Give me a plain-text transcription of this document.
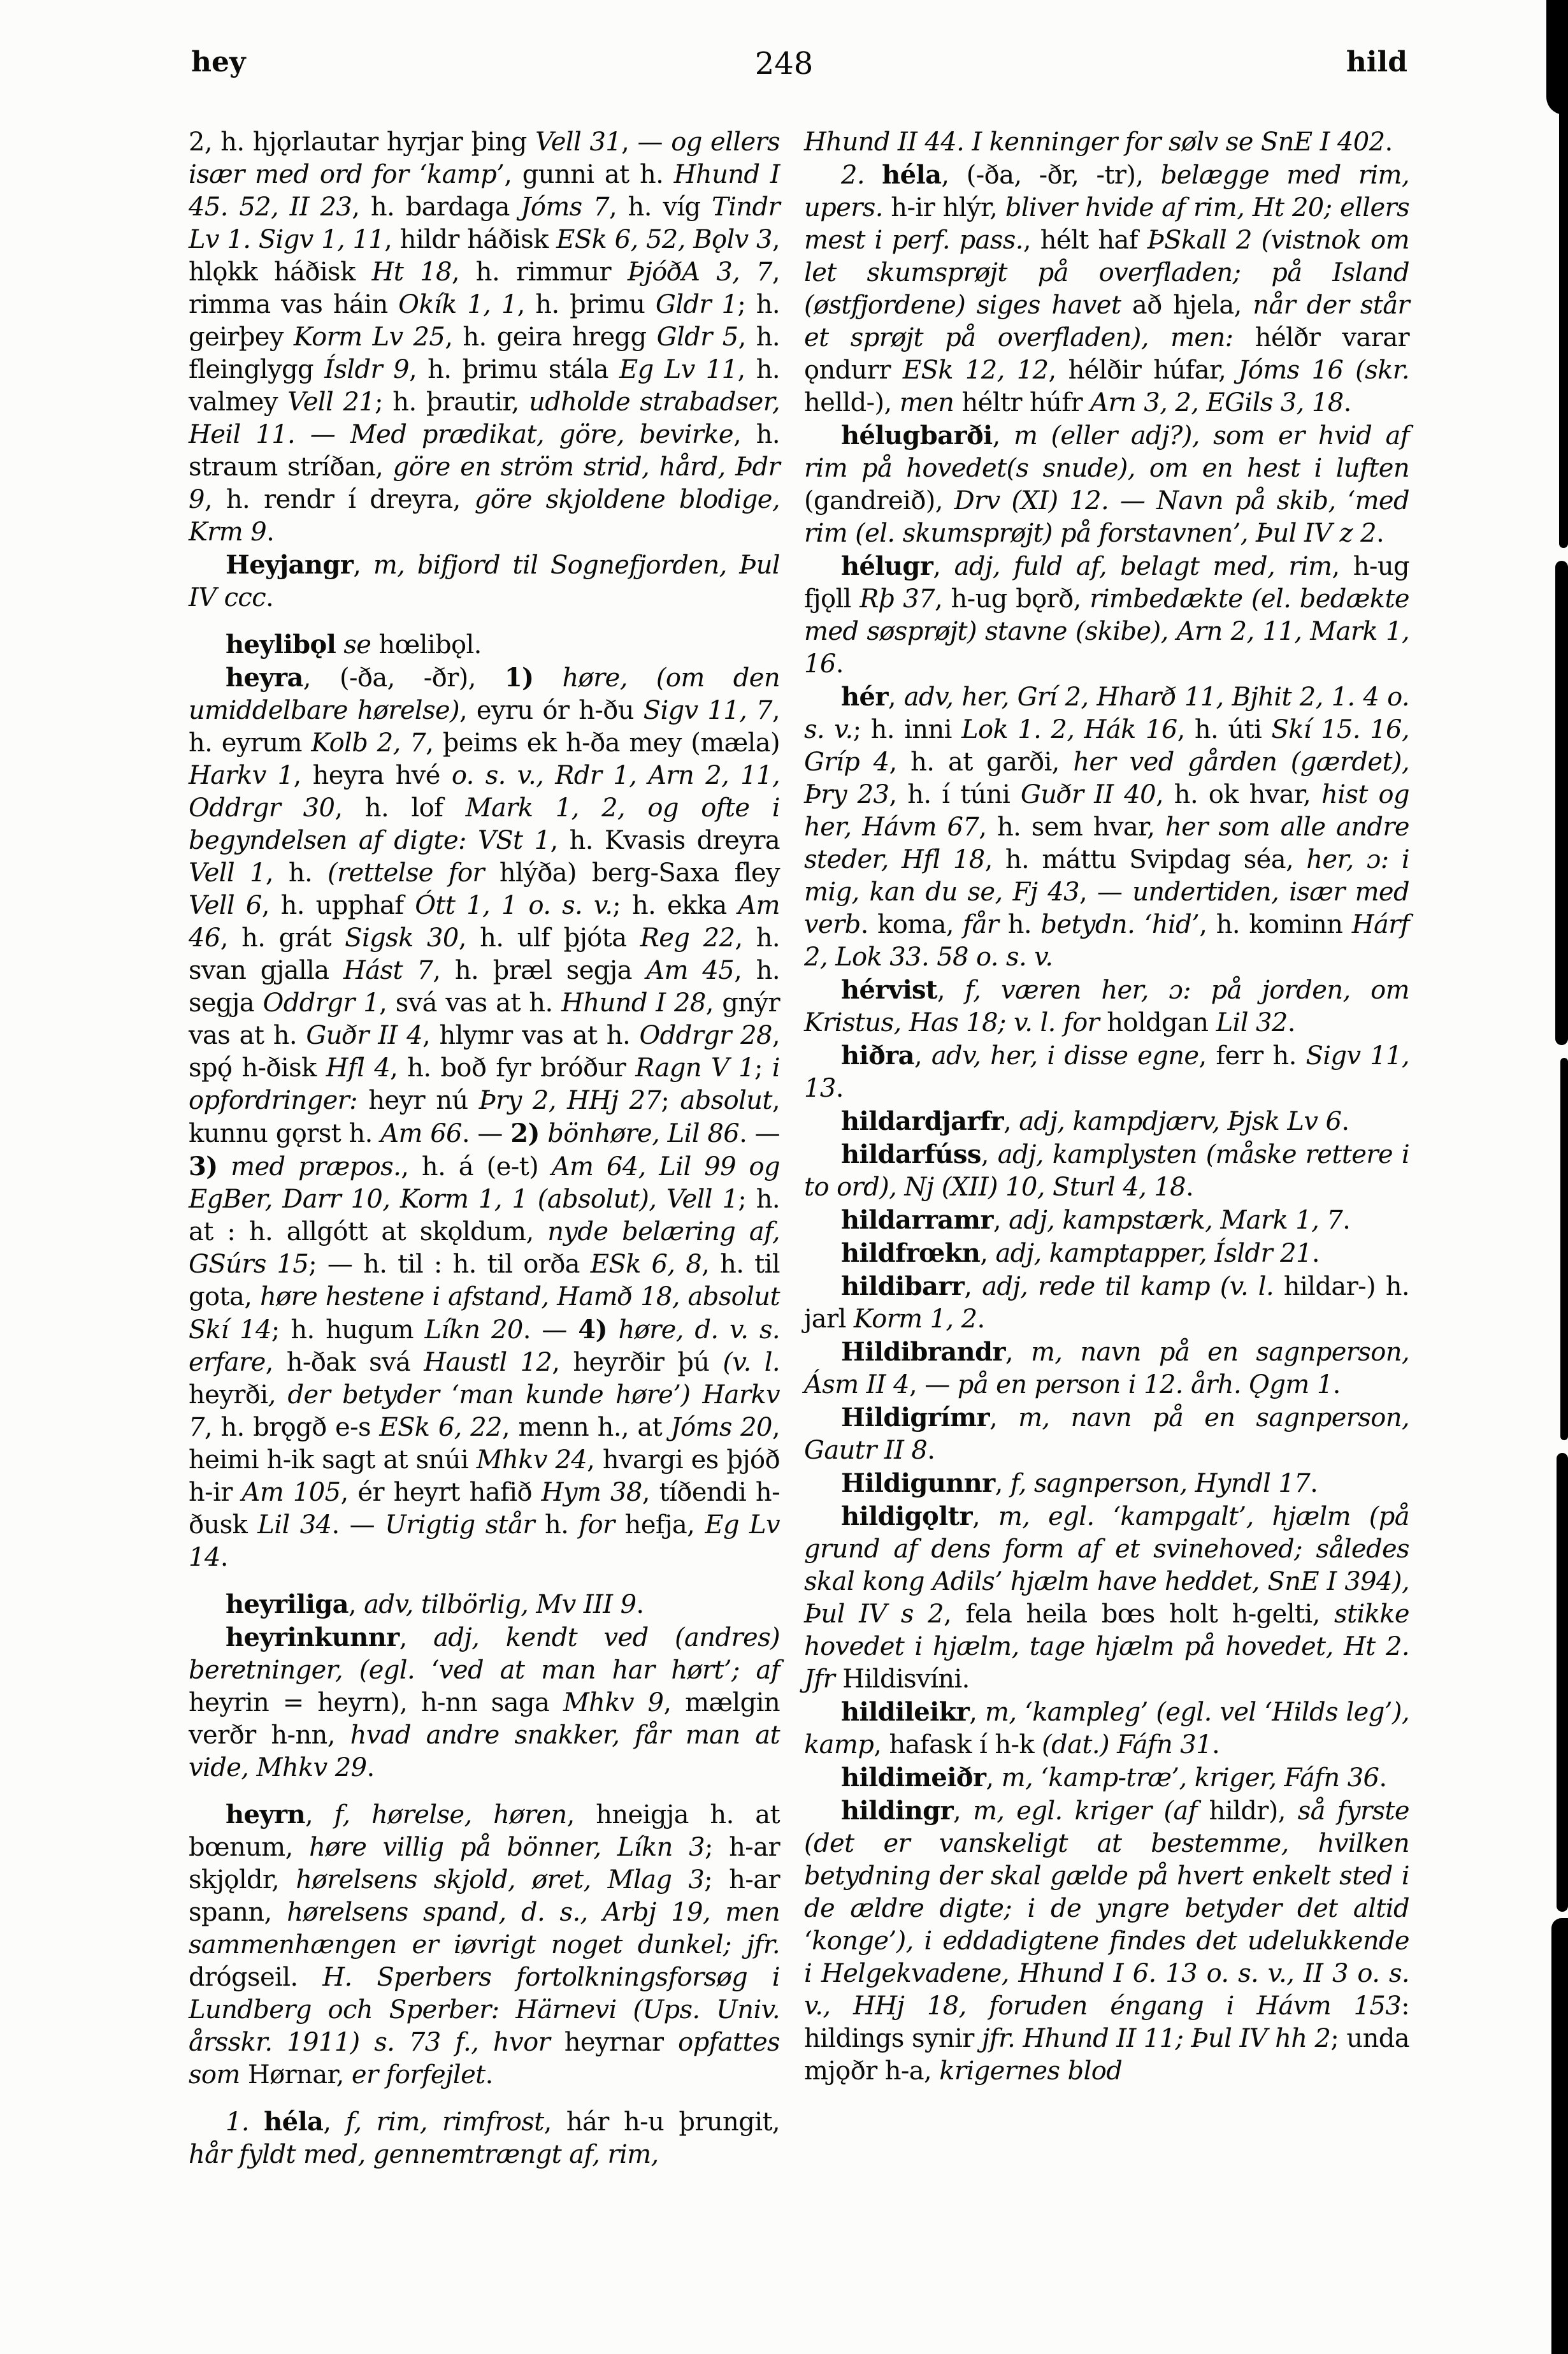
hey	248	hild

2, h. hjǫrlautar hyrjar þing Vell 31, — og ellers især med ord for ‘kamp’, gunni at h. Hhund I 45. 52, II 23, h. bardaga Jóms 7, h. víg Tindr Lv 1. Sigv 1, 11, hildr háðisk ESk 6, 52, Bǫlv 3, hlǫkk háðisk Ht 18, h. rimmur ÞjóðA 3, 7, rimma vas háin Okík 1, 1, h. þrimu Gldr 1; h. geirþey Korm Lv 25, h. geira hregg Gldr 5, h. fleinglygg Ísldr 9, h. þrimu stála Eg Lv 11, h. valmey Vell 21; h. þrautir, udholde strabadser, Heil 11. — Med prædikat, göre, bevirke, h. straum stríðan, göre en ström strid, hård, Þdr 9, h. rendr í dreyra, göre skjoldene blodige, Krm 9.

Heyjangr, m, bifjord til Sognefjorden, Þul IV ccc.

heylibǫl se hœlibǫl.

heyra, (-ða, -ðr), 1) høre, (om den umiddelbare hørelse), eyru ór h-ðu Sigv 11, 7, h. eyrum Kolb 2, 7, þeims ek h-ða mey (mæla) Harkv 1, heyra hvé o. s. v., Rdr 1, Arn 2, 11, Oddrgr 30, h. lof Mark 1, 2, og ofte i begyndelsen af digte: VSt 1, h. Kvasis dreyra Vell 1, h. (rettelse for hlýða) berg-Saxa fley Vell 6, h. upphaf Ótt 1, 1 o. s. v.; h. ekka Am 46, h. grát Sigsk 30, h. ulf þjóta Reg 22, h. svan gjalla Hást 7, h. þræl segja Am 45, h. segja Oddrgr 1, svá vas at h. Hhund I 28, gnýr vas at h. Guðr II 4, hlymr vas at h. Oddrgr 28, spǫ́ h-ðisk Hfl 4, h. boð fyr bróður Ragn V 1; i opfordringer: heyr nú Þry 2, HHj 27; absolut, kunnu gǫrst h. Am 66. — 2) bönhøre, Lil 86. — 3) med præpos., h. á (e-t) Am 64, Lil 99 og EgBer, Darr 10, Korm 1, 1 (absolut), Vell 1; h. at : h. allgótt at skǫldum, nyde belæring af, GSúrs 15; — h. til : h. til orða ESk 6, 8, h. til gota, høre hestene i afstand, Hamð 18, absolut Skí 14; h. hugum Líkn 20. — 4) høre, d. v. s. erfare, h-ðak svá Haustl 12, heyrðir þú (v. l. heyrði, der betyder ‘man kunde høre’) Harkv 7, h. brǫgð e-s ESk 6, 22, menn h., at Jóms 20, heimi h-ik sagt at snúi Mhkv 24, hvargi es þjóð h-ir Am 105, ér heyrt hafið Hym 38, tíðendi h-ðusk Lil 34. — Urigtig står h. for hefja, Eg Lv 14.

heyriliga, adv, tilbörlig, Mv III 9.

heyrinkunnr, adj, kendt ved (andres) beretninger, (egl. ‘ved at man har hørt’; af heyrin = heyrn), h-nn saga Mhkv 9, mælgin verðr h-nn, hvad andre snakker, får man at vide, Mhkv 29.

heyrn, f, hørelse, høren, hneigja h. at bœnum, høre villig på bönner, Líkn 3; h-ar skjǫldr, hørelsens skjold, øret, Mlag 3; h-ar spann, hørelsens spand, d. s., Arbj 19, men sammenhængen er iøvrigt noget dunkel; jfr. drógseil. H. Sperbers fortolkningsforsøg i Lundberg och Sperber: Härnevi (Ups. Univ. årsskr. 1911) s. 73 f., hvor heyrnar opfattes som Hørnar, er forfejlet.

1. héla, f, rim, rimfrost, hár h-u þrungit, hår fyldt med, gennemtrængt af, rim,

Hhund II 44. I kenninger for sølv se SnE I 402.

2. héla, (-ða, -ðr, -tr), belægge med rim, upers. h-ir hlýr, bliver hvide af rim, Ht 20; ellers mest i perf. pass., hélt haf ÞSkall 2 (vistnok om let skumsprøjt på overfladen; på Island (østfjordene) siges havet að hjela, når der står et sprøjt på overfladen), men: hélðr varar ǫndurr ESk 12, 12, hélðir húfar, Jóms 16 (skr. helld-), men héltr húfr Arn 3, 2, EGils 3, 18.

hélugbarði, m (eller adj?), som er hvid af rim på hovedet(s snude), om en hest i luften (gandreið), Drv (XI) 12. — Navn på skib, ‘med rim (el. skumsprøjt) på forstavnen’, Þul IV z 2.

hélugr, adj, fuld af, belagt med, rim, h-ug fjǫll Rþ 37, h-ug bǫrð, rimbedækte (el. bedækte med søsprøjt) stavne (skibe), Arn 2, 11, Mark 1, 16.

hér, adv, her, Grí 2, Hharð 11, Bjhit 2, 1. 4 o. s. v.; h. inni Lok 1. 2, Hák 16, h. úti Skí 15. 16, Gríp 4, h. at garði, her ved gården (gærdet), Þry 23, h. í túni Guðr II 40, h. ok hvar, hist og her, Hávm 67, h. sem hvar, her som alle andre steder, Hfl 18, h. máttu Svipdag séa, her, ɔ: i mig, kan du se, Fj 43, — undertiden, især med verb. koma, får h. betydn. ‘hid’, h. kominn Hárf 2, Lok 33. 58 o. s. v.

hérvist, f, væren her, ɔ: på jorden, om Kristus, Has 18; v. l. for holdgan Lil 32.

hiðra, adv, her, i disse egne, ferr h. Sigv 11, 13.

hildardjarfr, adj, kampdjærv, Þjsk Lv 6.

hildarfúss, adj, kamplysten (måske rettere i to ord), Nj (XII) 10, Sturl 4, 18.

hildarramr, adj, kampstærk, Mark 1, 7.

hildfrœkn, adj, kamptapper, Ísldr 21.

hildibarr, adj, rede til kamp (v. l. hildar-) h. jarl Korm 1, 2.

Hildibrandr, m, navn på en sagnperson, Ásm II 4, — på en person i 12. årh. Ǫgm 1.

Hildigrímr, m, navn på en sagnperson, Gautr II 8.

Hildigunnr, f, sagnperson, Hyndl 17.

hildigǫltr, m, egl. ‘kampgalt’, hjælm (på grund af dens form af et svinehoved; således skal kong Adils’ hjælm have heddet, SnE I 394), Þul IV s 2, fela heila bœs holt h-gelti, stikke hovedet i hjælm, tage hjælm på hovedet, Ht 2. Jfr Hildisvíni.

hildileikr, m, ‘kampleg’ (egl. vel ‘Hilds leg’), kamp, hafask í h-k (dat.) Fáfn 31.

hildimeiðr, m, ‘kamp-træ’, kriger, Fáfn 36.

hildingr, m, egl. kriger (af hildr), så fyrste (det er vanskeligt at bestemme, hvilken betydning der skal gælde på hvert enkelt sted i de ældre digte; i de yngre betyder det altid ‘konge’), i eddadigtene findes det udelukkende i Helgekvadene, Hhund I 6. 13 o. s. v., II 3 o. s. v., HHj 18, foruden éngang i Hávm 153: hildings synir jfr. Hhund II 11; Þul IV hh 2; unda mjǫðr h-a, krigernes blod
